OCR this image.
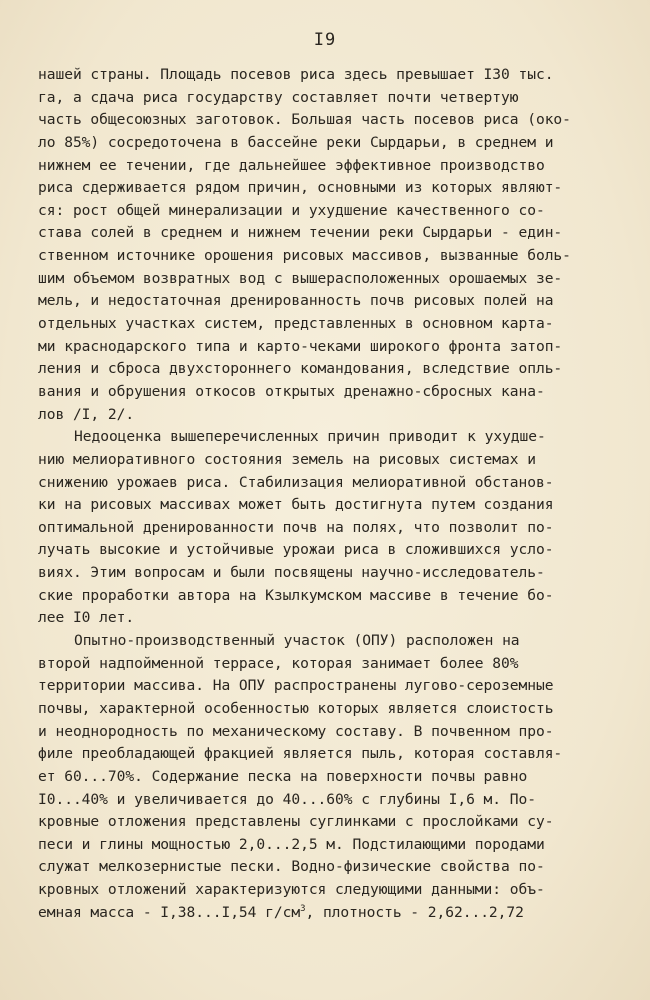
I9
нашей страны. Площадь посевов риса здесь превышает I30 тыс.
га, а сдача риса государству составляет почти четвертую
часть общесоюзных заготовок. Большая часть посевов риса (око-
ло 85%) сосредоточена в бассейне реки Сырдарьи, в среднем и
нижнем ее течении, где дальнейшее эффективное производство
риса сдерживается рядом причин, основными из которых являют-
ся: рост общей минерализации и ухудшение качественного со-
става солей в среднем и нижнем течении реки Сырдарьи - един-
ственном источнике орошения рисовых массивов, вызванные боль-
шим объемом возвратных вод с вышерасположенных орошаемых зе-
мель, и недостаточная дренированность почв рисовых полей на
отдельных участках систем, представленных в основном карта-
ми краснодарского типа и карто-чеками широкого фронта затоп-
ления и сброса двухстороннего командования, вследствие опль-
вания и обрушения откосов открытых дренажно-сбросных кана-
лов /I, 2/.
Недооценка вышеперечисленных причин приводит к ухудше-
нию мелиоративного состояния земель на рисовых системах и
снижению урожаев риса. Стабилизация мелиоративной обстанов-
ки на рисовых массивах может быть достигнута путем создания
оптимальной дренированности почв на полях, что позволит по-
лучать высокие и устойчивые урожаи риса в сложившихся усло-
виях. Этим вопросам и были посвящены научно-исследователь-
ские проработки автора на Кзылкумском массиве в течение бо-
лее I0 лет.
Опытно-производственный участок (ОПУ) расположен на
второй надпойменной террасе, которая занимает более 80%
территории массива. На ОПУ распространены лугово-сероземные
почвы, характерной особенностью которых является слоистость
и неоднородность по механическому составу. В почвенном про-
филе преобладающей фракцией является пыль, которая составля-
ет 60...70%. Содержание песка на поверхности почвы равно
I0...40% и увеличивается до 40...60% с глубины I,6 м. По-
кровные отложения представлены суглинками с прослойками су-
песи и глины мощностью 2,0...2,5 м. Подстилающими породами
служат мелкозернистые пески. Водно-физические свойства по-
кровных отложений характеризуются следующими данными: объ-
емная масса - I,38...I,54 $г/см^3$, плотность - 2,62...2,72
